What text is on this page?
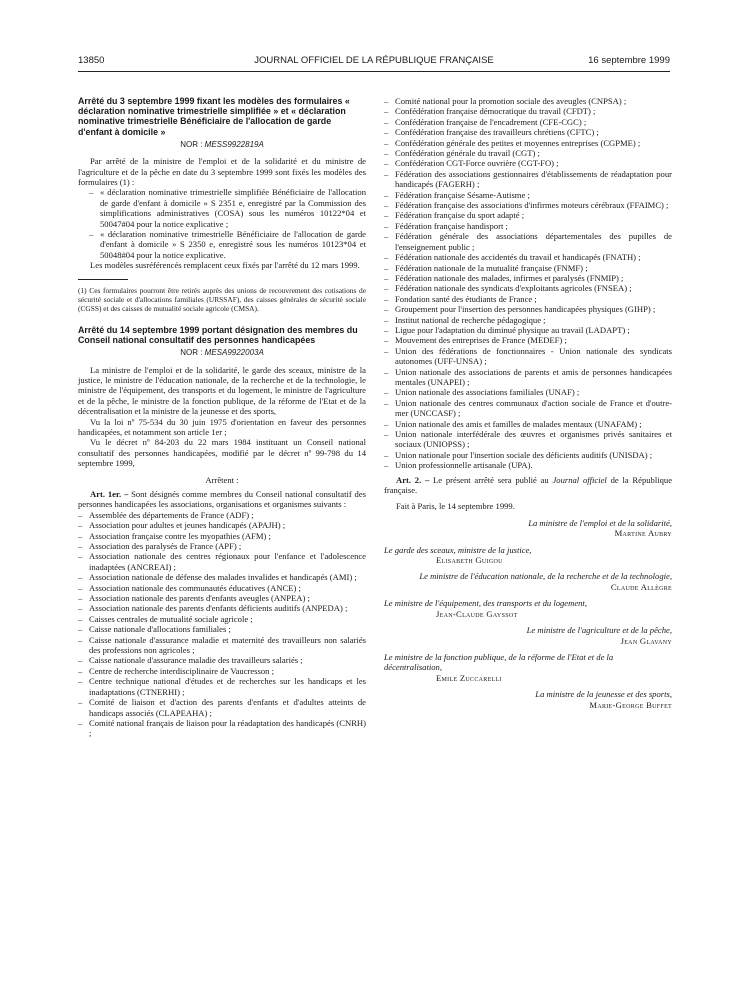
13850	JOURNAL OFFICIEL DE LA RÉPUBLIQUE FRANÇAISE	16 septembre 1999
Arrêté du 3 septembre 1999 fixant les modèles des formulaires « déclaration nominative trimestrielle simplifiée » et « déclaration nominative trimestrielle Bénéficiaire de l'allocation de garde d'enfant à domicile »
NOR : MESS9922819A

Par arrêté de la ministre de l'emploi et de la solidarité et du ministre de l'agriculture et de la pêche en date du 3 septembre 1999 sont fixés les modèles des formulaires (1) :

– « déclaration nominative trimestrielle simplifiée Bénéficiaire de l'allocation de garde d'enfant à domicile » S 2351 e, enregistré par la Commission des simplifications administratives (COSA) sous les numéros 10122*04 et 50047#04 pour la notice explicative ;
– « déclaration nominative trimestrielle Bénéficiaire de l'allocation de garde d'enfant à domicile » S 2350 e, enregistré sous les numéros 10123*04 et 50048#04 pour la notice explicative.

Les modèles susréférencés remplacent ceux fixés par l'arrêté du 12 mars 1999.

(1) Ces formulaires pourront être retirés auprès des unions de recouvrement des cotisations de sécurité sociale et d'allocations familiales (URSSAF), des caisses générales de sécurité sociale (CGSS) et des caisses de mutualité sociale agricole (CMSA).
Arrêté du 14 septembre 1999 portant désignation des membres du Conseil national consultatif des personnes handicapées
NOR : MESA9922003A

La ministre de l'emploi et de la solidarité, le garde des sceaux, ministre de la justice, le ministre de l'éducation nationale, de la recherche et de la technologie, le ministre de l'équipement, des transports et du logement, le ministre de l'agriculture et de la pêche, le ministre de la fonction publique, de la réforme de l'Etat et de la décentralisation et la ministre de la jeunesse et des sports,

Vu la loi nº 75-534 du 30 juin 1975 d'orientation en faveur des personnes handicapées, et notamment son article 1er ;

Vu le décret nº 84-203 du 22 mars 1984 instituant un Conseil national consultatif des personnes handicapées, modifié par le décret nº 99-798 du 14 septembre 1999,

Arrêtent :

Art. 1er. – Sont désignés comme membres du Conseil national consultatif des personnes handicapées les associations, organisations et organismes suivants :

– Assemblée des départements de France (ADF) ;
– Association pour adultes et jeunes handicapés (APAJH) ;
– Association française contre les myopathies (AFM) ;
– Association des paralysés de France (APF) ;
– Association nationale des centres régionaux pour l'enfance et l'adolescence inadaptées (ANCREAI) ;
– Association nationale de défense des malades invalides et handicapés (AMI) ;
– Association nationale des communautés éducatives (ANCE) ;
– Association nationale des parents d'enfants aveugles (ANPEA) ;
– Association nationale des parents d'enfants déficients auditifs (ANPEDA) ;
– Caisses centrales de mutualité sociale agricole ;
– Caisse nationale d'allocations familiales ;
– Caisse nationale d'assurance maladie et maternité des travailleurs non salariés des professions non agricoles ;
– Caisse nationale d'assurance maladie des travailleurs salariés ;
– Centre de recherche interdisciplinaire de Vaucresson ;
– Centre technique national d'études et de recherches sur les handicaps et les inadaptations (CTNERHI) ;
– Comité de liaison et d'action des parents d'enfants et d'adultes atteints de handicaps associés (CLAPEAHA) ;
– Comité national français de liaison pour la réadaptation des handicapés (CNRH) ;
– Comité national pour la promotion sociale des aveugles (CNPSA) ;
– Confédération française démocratique du travail (CFDT) ;
– Confédération française de l'encadrement (CFE-CGC) ;
– Confédération française des travailleurs chrétiens (CFTC) ;
– Confédération générale des petites et moyennes entreprises (CGPME) ;
– Confédération générale du travail (CGT) ;
– Confédération CGT-Force ouvrière (CGT-FO) ;
– Fédération des associations gestionnaires d'établissements de réadaptation pour handicapés (FAGERH) ;
– Fédération française Sésame-Autisme ;
– Fédération française des associations d'infirmes moteurs cérébraux (FFAIMC) ;
– Fédération française du sport adapté ;
– Fédération française handisport ;
– Fédération générale des associations départementales des pupilles de l'enseignement public ;
– Fédération nationale des accidentés du travail et handicapés (FNATH) ;
– Fédération nationale de la mutualité française (FNMF) ;
– Fédération nationale des malades, infirmes et paralysés (FNMIP) ;
– Fédération nationale des syndicats d'exploitants agricoles (FNSEA) ;
– Fondation santé des étudiants de France ;
– Groupement pour l'insertion des personnes handicapées physiques (GIHP) ;
– Institut national de recherche pédagogique ;
– Ligue pour l'adaptation du diminué physique au travail (LADAPT) ;
– Mouvement des entreprises de France (MEDEF) ;
– Union des fédérations de fonctionnaires - Union nationale des syndicats autonomes (UFF-UNSA) ;
– Union nationale des associations de parents et amis de personnes handicapées mentales (UNAPEI) ;
– Union nationale des associations familiales (UNAF) ;
– Union nationale des centres communaux d'action sociale de France et d'outre-mer (UNCCASF) ;
– Union nationale des amis et familles de malades mentaux (UNAFAM) ;
– Union nationale interfédérale des œuvres et organismes privés sanitaires et sociaux (UNIOPSS) ;
– Union nationale pour l'insertion sociale des déficients auditifs (UNISDA) ;
– Union professionnelle artisanale (UPA).

Art. 2. – Le présent arrêté sera publié au Journal officiel de la République française.

Fait à Paris, le 14 septembre 1999.

La ministre de l'emploi et de la solidarité,
Martine Aubry
Le garde des sceaux, ministre de la justice,
Elisabeth Guigou
Le ministre de l'éducation nationale, de la recherche et de la technologie,
Claude Allègre
Le ministre de l'équipement, des transports et du logement,
Jean-Claude Gayssot
Le ministre de l'agriculture et de la pêche,
Jean Glavany
Le ministre de la fonction publique, de la réforme de l'Etat et de la décentralisation,
Emile Zuccarelli
La ministre de la jeunesse et des sports,
Marie-George Buffet
